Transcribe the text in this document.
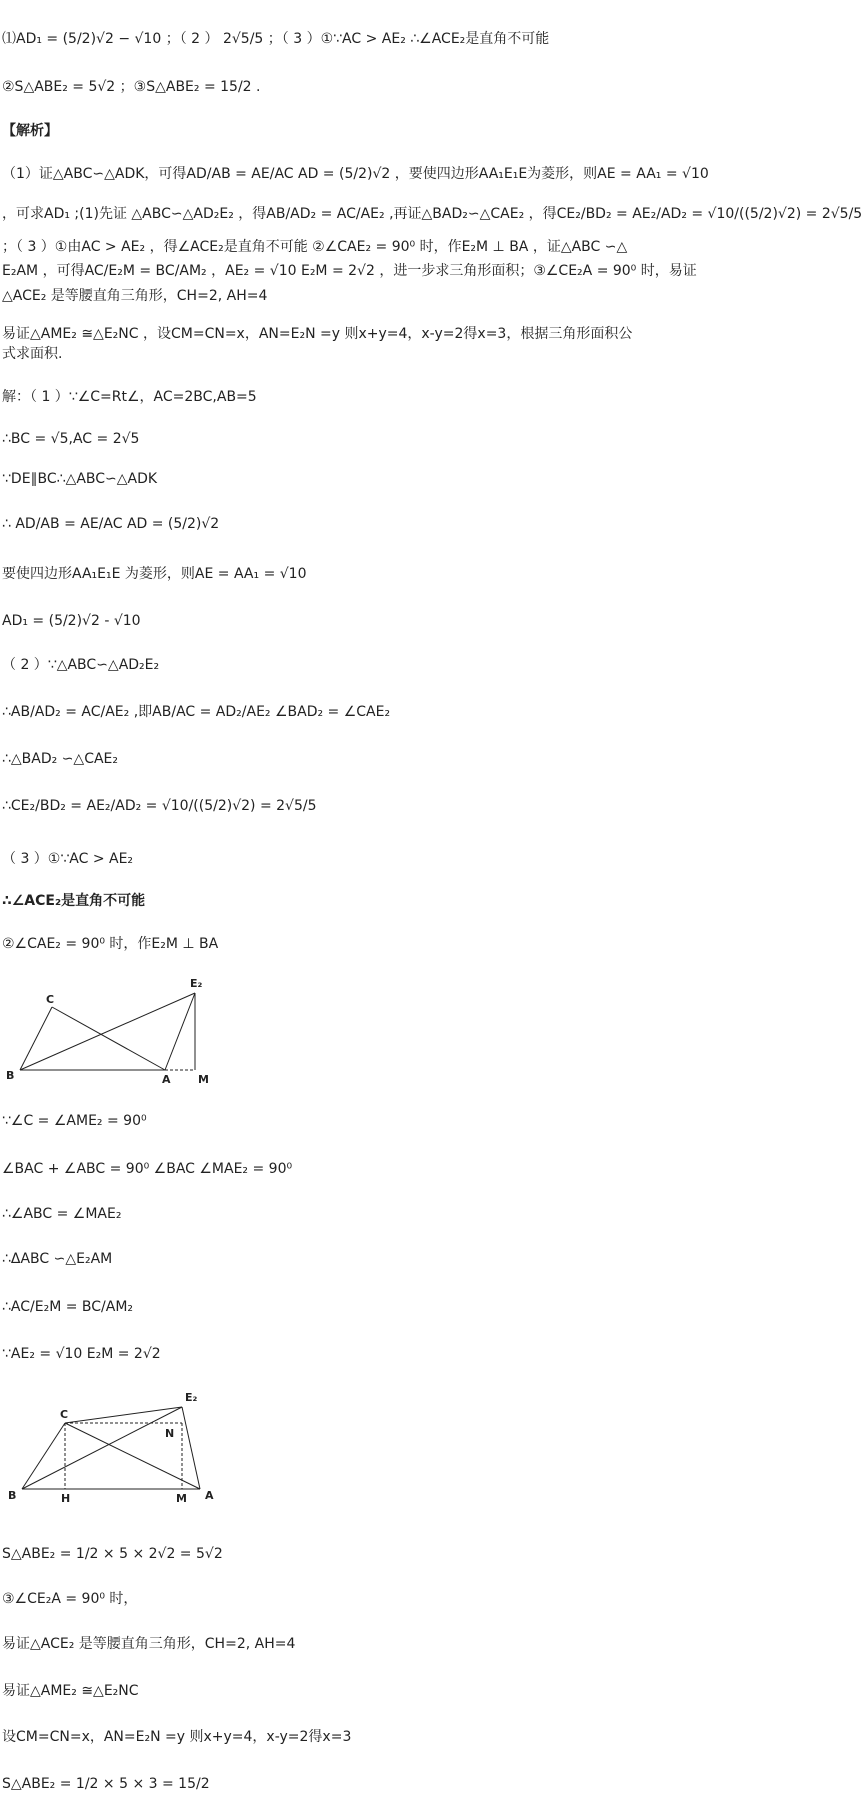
⑴AD₁ = (5/2)√2 − √10 ；（ 2 ） 2√5/5 ；（ 3 ）①∵AC > AE₂ ∴∠ACE₂是直角不可能
②S△ABE₂ = 5√2 ；③S△ABE₂ = 15/2 .
【解析】
（1）证△ABC∽△ADK，可得AD/AB = AE/AC AD = (5/2)√2 ，要使四边形AA₁E₁E为菱形，则AE = AA₁ = √10
，可求AD₁ ;(1)先证 △ABC∽△AD₂E₂ ，得AB/AD₂ = AC/AE₂ ,再证△BAD₂∽△CAE₂ ，得CE₂/BD₂ = AE₂/AD₂ = √10/((5/2)√2) = 2√5/5
；（ 3 ）①由AC > AE₂ ，得∠ACE₂是直角不可能 ②∠CAE₂ = 90⁰ 时，作E₂M ⊥ BA ，证△ABC ∽△
E₂AM ，可得AC/E₂M = BC/AM₂ ，AE₂ = √10 E₂M = 2√2 ，进一步求三角形面积；③∠CE₂A = 90⁰ 时，易证
△ACE₂ 是等腰直角三角形，CH=2, AH=4
易证△AME₂ ≅△E₂NC ，设CM=CN=x，AN=E₂N =y 则x+y=4，x-y=2得x=3，根据三角形面积公
式求面积.
解：（ 1 ）∵∠C=Rt∠，AC=2BC,AB=5
∴BC = √5,AC = 2√5
∵DE∥BC∴△ABC∽△ADK
∴ AD/AB = AE/AC AD = (5/2)√2
要使四边形AA₁E₁E 为菱形，则AE = AA₁ = √10
AD₁ = (5/2)√2 - √10
（ 2 ）∵△ABC∽△AD₂E₂
∴AB/AD₂ = AC/AE₂ ,即AB/AC = AD₂/AE₂ ∠BAD₂ = ∠CAE₂
∴△BAD₂ ∽△CAE₂
∴CE₂/BD₂ = AE₂/AD₂ = √10/((5/2)√2) = 2√5/5
（ 3 ）①∵AC > AE₂
∴∠ACE₂是直角不可能
②∠CAE₂ = 90⁰ 时，作E₂M ⊥ BA
C
B	A M
E₂
∵∠C = ∠AME₂ = 90⁰
∠BAC + ∠ABC = 90⁰ ∠BAC ∠MAE₂ = 90⁰
∴∠ABC = ∠MAE₂
∴ΔABC ∽△E₂AM
∴AC/E₂M = BC/AM₂
∵AE₂ = √10 E₂M = 2√2
C
B	A
M
N
H
E₂
S△ABE₂ = 1/2 × 5 × 2√2 = 5√2
③∠CE₂A = 90⁰ 时，
易证△ACE₂ 是等腰直角三角形，CH=2, AH=4
易证△AME₂ ≅△E₂NC
设CM=CN=x，AN=E₂N =y 则x+y=4，x-y=2得x=3
S△ABE₂ = 1/2 × 5 × 3 = 15/2
